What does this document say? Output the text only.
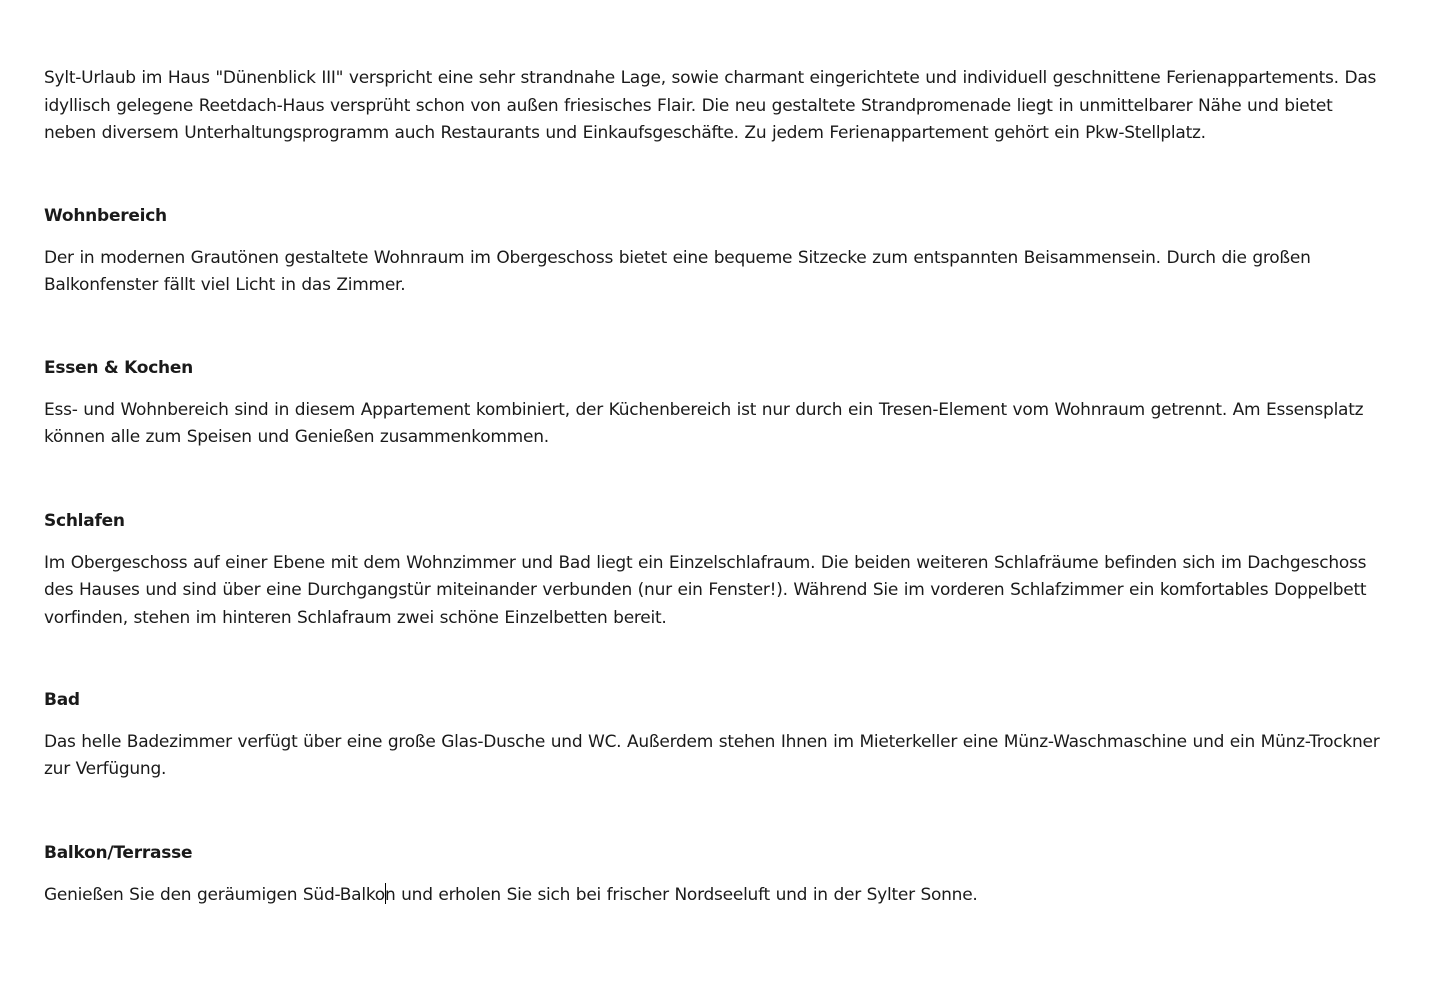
Sylt-Urlaub im Haus "Dünenblick III" verspricht eine sehr strandnahe Lage, sowie charmant eingerichtete und individuell geschnittene Ferienappartements. Das idyllisch gelegene Reetdach-Haus versprüht schon von außen friesisches Flair. Die neu gestaltete Strandpromenade liegt in unmittelbarer Nähe und bietet neben diversem Unterhaltungsprogramm auch Restaurants und Einkaufsgeschäfte. Zu jedem Ferienappartement gehört ein Pkw-Stellplatz.

Wohnbereich

Der in modernen Grautönen gestaltete Wohnraum im Obergeschoss bietet eine bequeme Sitzecke zum entspannten Beisammensein. Durch die großen Balkonfenster fällt viel Licht in das Zimmer.

Essen & Kochen

Ess- und Wohnbereich sind in diesem Appartement kombiniert, der Küchenbereich ist nur durch ein Tresen-Element vom Wohnraum getrennt. Am Essensplatz können alle zum Speisen und Genießen zusammenkommen.

Schlafen

Im Obergeschoss auf einer Ebene mit dem Wohnzimmer und Bad liegt ein Einzelschlafraum. Die beiden weiteren Schlafräume befinden sich im Dachgeschoss des Hauses und sind über eine Durchgangstür miteinander verbunden (nur ein Fenster!). Während Sie im vorderen Schlafzimmer ein komfortables Doppelbett vorfinden, stehen im hinteren Schlafraum zwei schöne Einzelbetten bereit.

Bad

Das helle Badezimmer verfügt über eine große Glas-Dusche und WC. Außerdem stehen Ihnen im Mieterkeller eine Münz-Waschmaschine und ein Münz-Trockner zur Verfügung.

Balkon/Terrasse

Genießen Sie den geräumigen Süd-Balkon und erholen Sie sich bei frischer Nordseeluft und in der Sylter Sonne.
